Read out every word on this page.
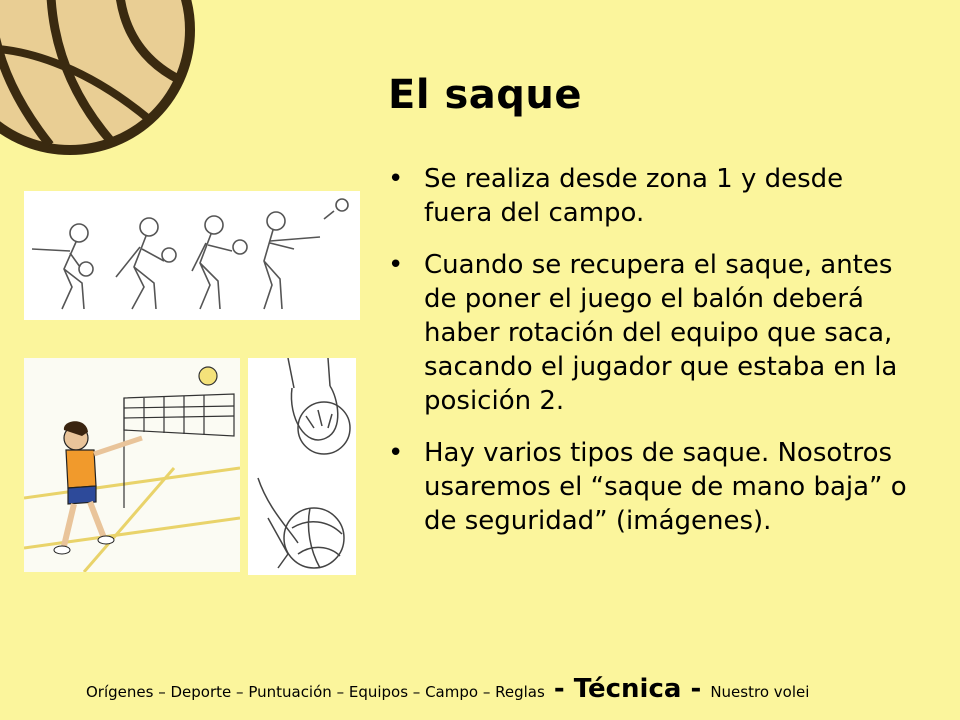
El saque
• Se realiza desde zona 1 y desde fuera del campo.
• Cuando se recupera el saque, antes de poner el juego el balón deberá haber rotación del equipo que saca, sacando el jugador que estaba en la posición 2.
• Hay varios tipos de saque. Nosotros usaremos el “saque de mano baja” o de seguridad” (imágenes).
Orígenes – Deporte – Puntuación – Equipos – Campo – Reglas - Técnica - Nuestro volei
